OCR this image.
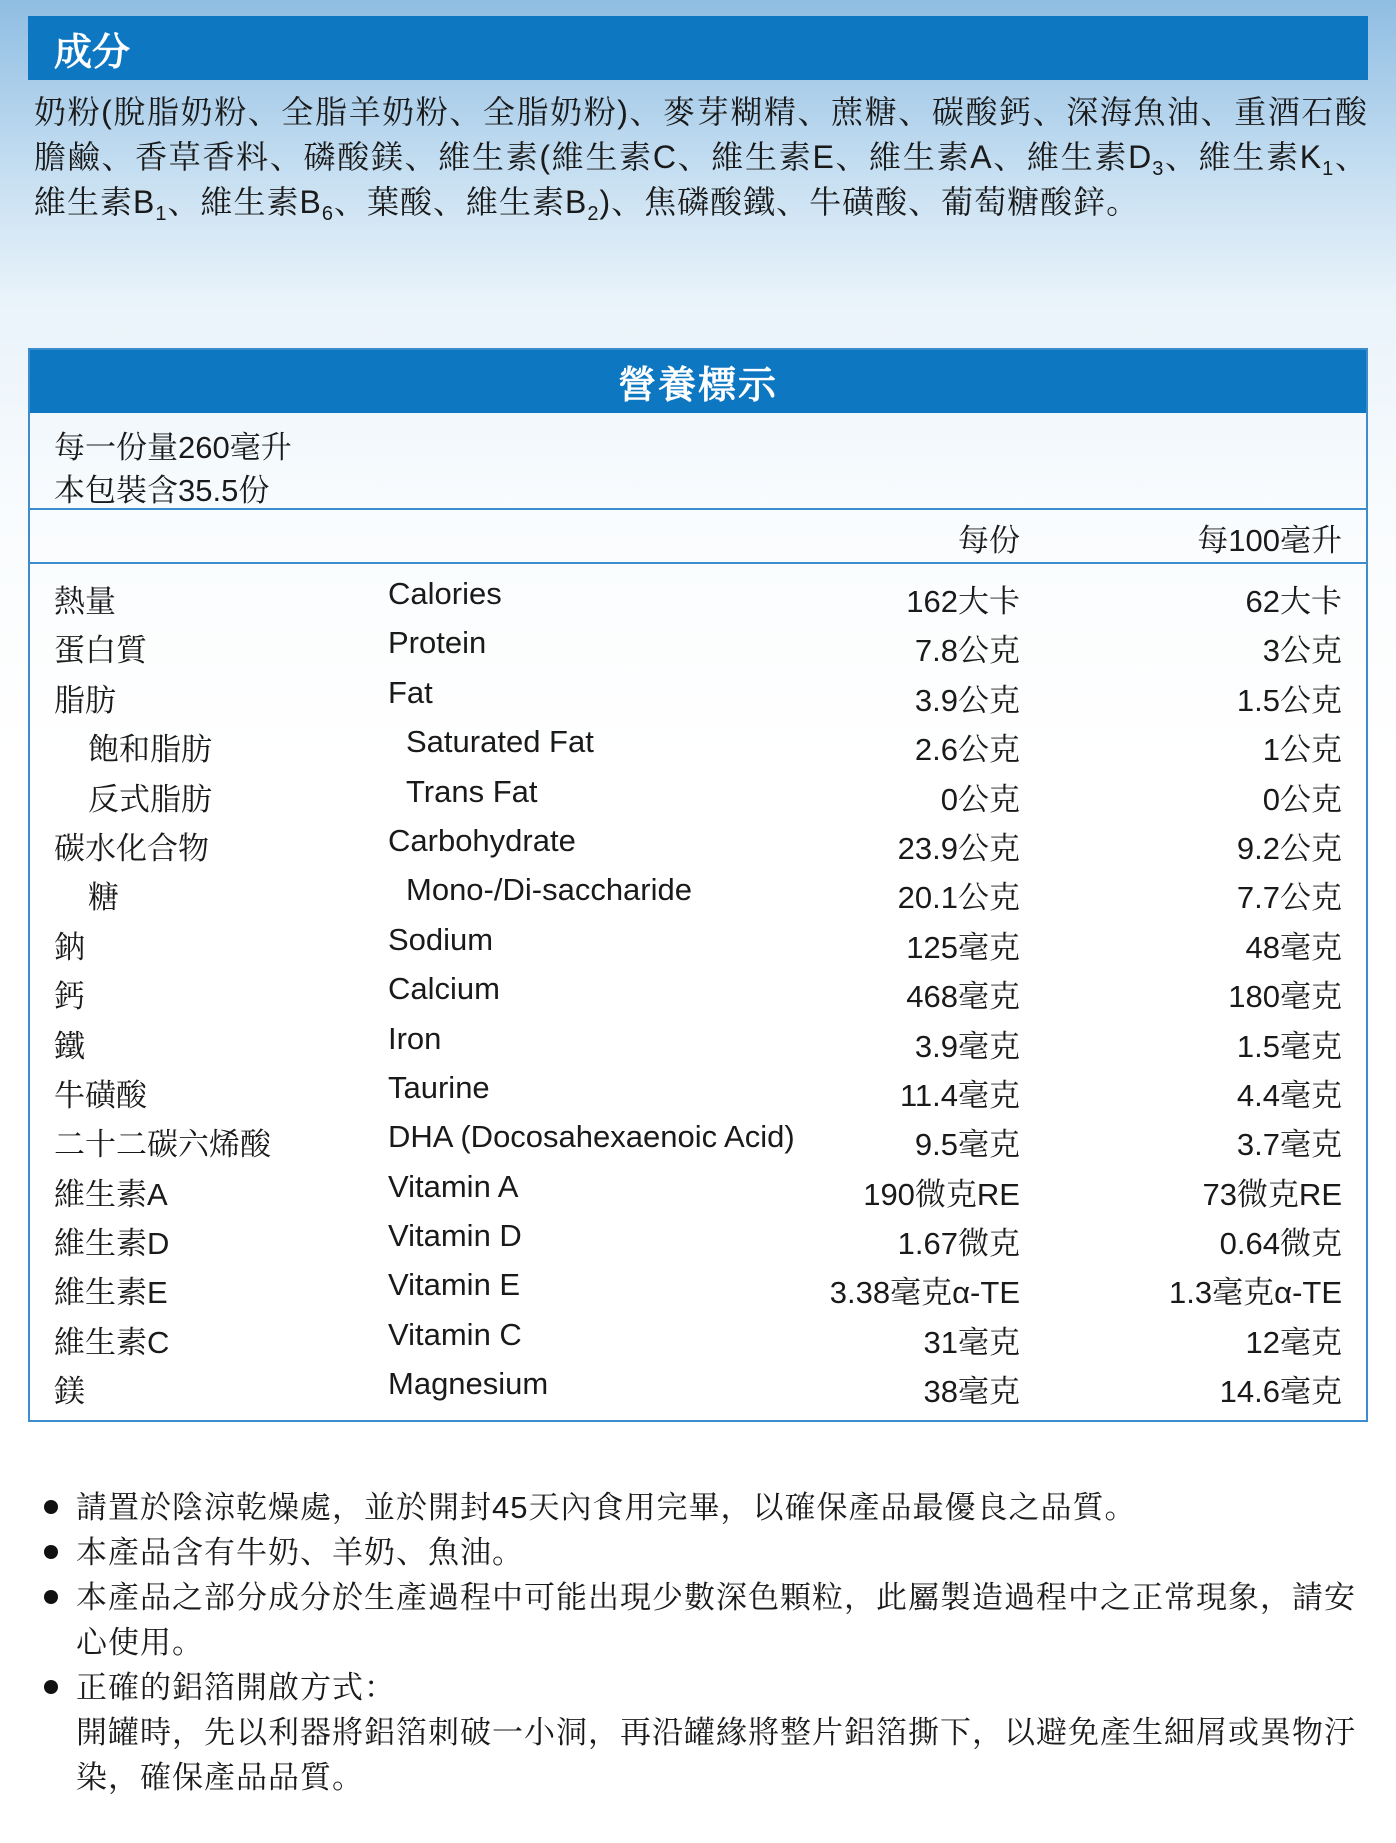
成分
奶粉(脫脂奶粉、全脂羊奶粉、全脂奶粉)、麥芽糊精、蔗糖、碳酸鈣、深海魚油、重酒石酸膽鹼、香草香料、磷酸鎂、維生素(維生素C、維生素E、維生素A、維生素$D_3$、維生素$K_1$、維生素$B_1$、維生素$B_6$、葉酸、維生素$B_2$)、焦磷酸鐵、牛磺酸、葡萄糖酸鋅。
營養標示
每一份量260毫升
本包裝含35.5份
每份	每100毫升
熱量	Calories	162大卡	62大卡
蛋白質	Protein	7.8公克	3公克
脂肪	Fat	3.9公克	1.5公克
飽和脂肪	Saturated Fat	2.6公克	1公克
反式脂肪	Trans Fat	0公克	0公克
碳水化合物	Carbohydrate	23.9公克	9.2公克
糖	Mono-/Di-saccharide	20.1公克	7.7公克
鈉	Sodium	125毫克	48毫克
鈣	Calcium	468毫克	180毫克
鐵	Iron	3.9毫克	1.5毫克
牛磺酸	Taurine	11.4毫克	4.4毫克
二十二碳六烯酸	DHA (Docosahexaenoic Acid)	9.5毫克	3.7毫克
維生素A	Vitamin A	190微克RE	73微克RE
維生素D	Vitamin D	1.67微克	0.64微克
維生素E	Vitamin E	3.38毫克α-TE	1.3毫克α-TE
維生素C	Vitamin C	31毫克	12毫克
鎂	Magnesium	38毫克	14.6毫克
請置於陰涼乾燥處，並於開封45天內食用完畢，以確保產品最優良之品質。
本產品含有牛奶、羊奶、魚油。
本產品之部分成分於生產過程中可能出現少數深色顆粒，此屬製造過程中之正常現象，請安心使用。
正確的鋁箔開啟方式：
開罐時，先以利器將鋁箔刺破一小洞，再沿罐緣將整片鋁箔撕下，以避免產生細屑或異物汙染，確保產品品質。
